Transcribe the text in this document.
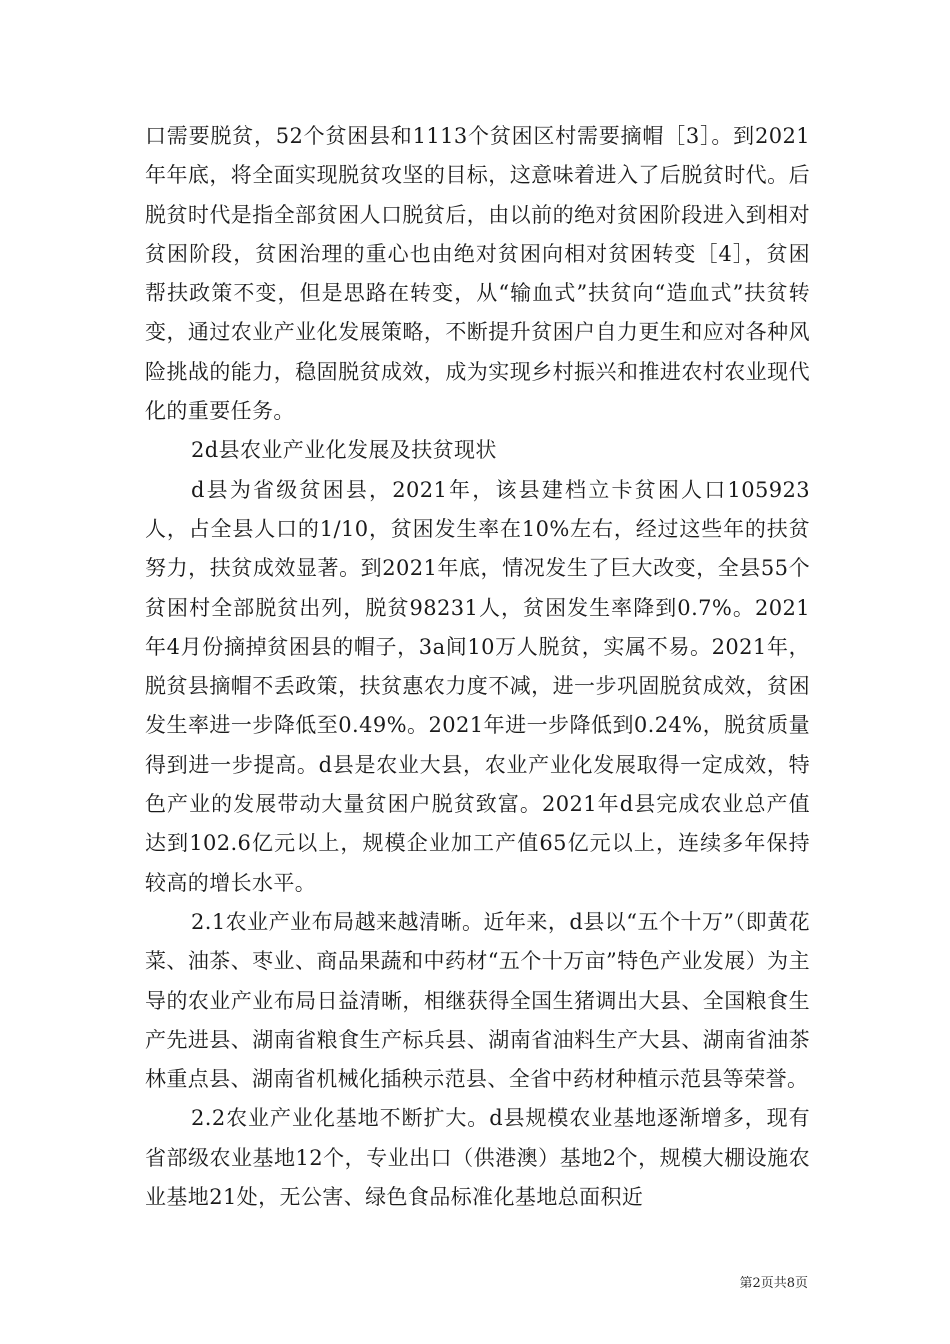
口需要脱贫，52个贫困县和1113个贫困区村需要摘帽［3］。到2021年年底，将全面实现脱贫攻坚的目标，这意味着进入了后脱贫时代。后脱贫时代是指全部贫困人口脱贫后，由以前的绝对贫困阶段进入到相对贫困阶段，贫困治理的重心也由绝对贫困向相对贫困转变［4］，贫困帮扶政策不变，但是思路在转变，从“输血式”扶贫向“造血式”扶贫转变，通过农业产业化发展策略，不断提升贫困户自力更生和应对各种风险挑战的能力，稳固脱贫成效，成为实现乡村振兴和推进农村农业现代化的重要任务。

2d县农业产业化发展及扶贫现状

d县为省级贫困县，2021年，该县建档立卡贫困人口105923人，占全县人口的1/10，贫困发生率在10%左右，经过这些年的扶贫努力，扶贫成效显著。到2021年底，情况发生了巨大改变，全县55个贫困村全部脱贫出列，脱贫98231人，贫困发生率降到0.7%。2021年4月份摘掉贫困县的帽子，3a间10万人脱贫，实属不易。2021年，脱贫县摘帽不丢政策，扶贫惠农力度不减，进一步巩固脱贫成效，贫困发生率进一步降低至0.49%。2021年进一步降低到0.24%，脱贫质量得到进一步提高。d县是农业大县，农业产业化发展取得一定成效，特色产业的发展带动大量贫困户脱贫致富。2021年d县完成农业总产值达到102.6亿元以上，规模企业加工产值65亿元以上，连续多年保持较高的增长水平。

2.1农业产业布局越来越清晰。近年来，d县以“五个十万”（即黄花菜、油茶、枣业、商品果蔬和中药材“五个十万亩”特色产业发展）为主导的农业产业布局日益清晰，相继获得全国生猪调出大县、全国粮食生产先进县、湖南省粮食生产标兵县、湖南省油料生产大县、湖南省油茶林重点县、湖南省机械化插秧示范县、全省中药材种植示范县等荣誉。

2.2农业产业化基地不断扩大。d县规模农业基地逐渐增多，现有省部级农业基地12个，专业出口（供港澳）基地2个，规模大棚设施农业基地21处，无公害、绿色食品标准化基地总面积近

第2页共8页
